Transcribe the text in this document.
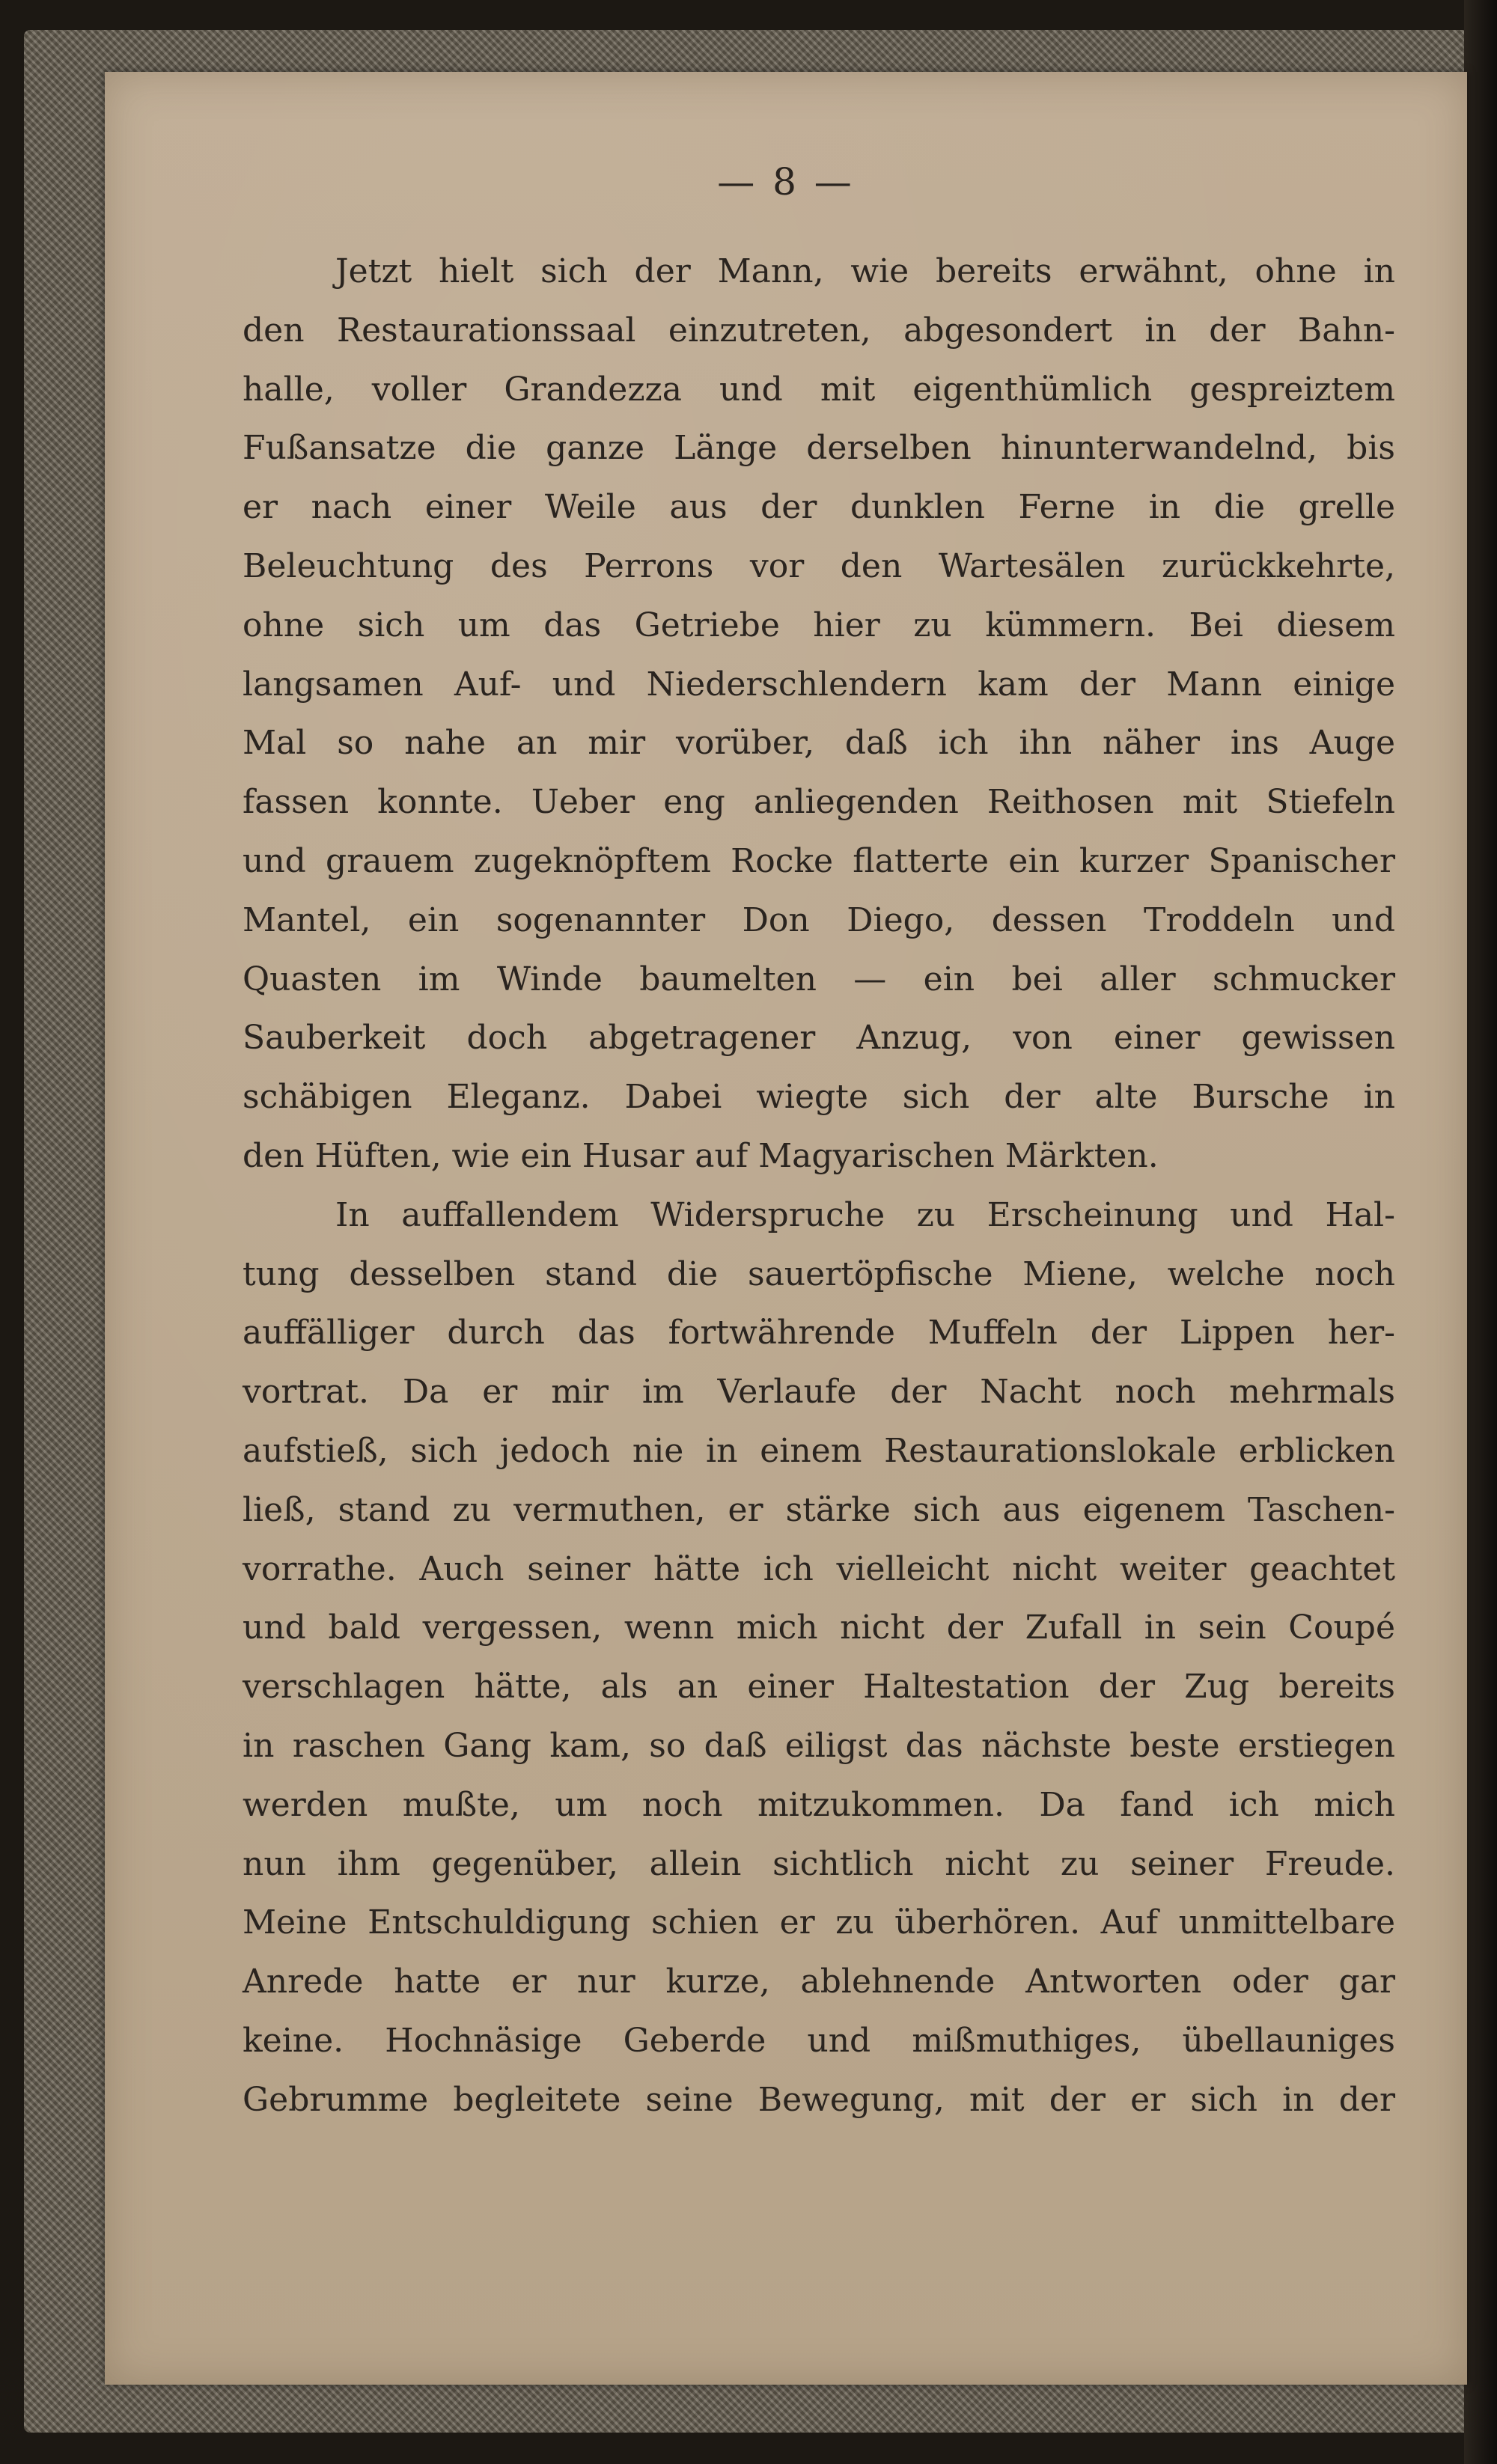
— 8 —
Jetzt hielt sich der Mann, wie bereits erwähnt, ohne in
den Restaurationssaal einzutreten, abgesondert in der Bahn-
halle, voller Grandezza und mit eigenthümlich gespreiztem
Fußansatze die ganze Länge derselben hinunterwandelnd, bis
er nach einer Weile aus der dunklen Ferne in die grelle
Beleuchtung des Perrons vor den Wartesälen zurückkehrte,
ohne sich um das Getriebe hier zu kümmern. Bei diesem
langsamen Auf- und Niederschlendern kam der Mann einige
Mal so nahe an mir vorüber, daß ich ihn näher ins Auge
fassen konnte. Ueber eng anliegenden Reithosen mit Stiefeln
und grauem zugeknöpftem Rocke flatterte ein kurzer Spanischer
Mantel, ein sogenannter Don Diego, dessen Troddeln und
Quasten im Winde baumelten — ein bei aller schmucker
Sauberkeit doch abgetragener Anzug, von einer gewissen
schäbigen Eleganz. Dabei wiegte sich der alte Bursche in
den Hüften, wie ein Husar auf Magyarischen Märkten.
In auffallendem Widerspruche zu Erscheinung und Hal-
tung desselben stand die sauertöpfische Miene, welche noch
auffälliger durch das fortwährende Muffeln der Lippen her-
vortrat. Da er mir im Verlaufe der Nacht noch mehrmals
aufstieß, sich jedoch nie in einem Restaurationslokale erblicken
ließ, stand zu vermuthen, er stärke sich aus eigenem Taschen-
vorrathe. Auch seiner hätte ich vielleicht nicht weiter geachtet
und bald vergessen, wenn mich nicht der Zufall in sein Coupé
verschlagen hätte, als an einer Haltestation der Zug bereits
in raschen Gang kam, so daß eiligst das nächste beste erstiegen
werden mußte, um noch mitzukommen. Da fand ich mich
nun ihm gegenüber, allein sichtlich nicht zu seiner Freude.
Meine Entschuldigung schien er zu überhören. Auf unmittelbare
Anrede hatte er nur kurze, ablehnende Antworten oder gar
keine. Hochnäsige Geberde und mißmuthiges, übellauniges
Gebrumme begleitete seine Bewegung, mit der er sich in der
